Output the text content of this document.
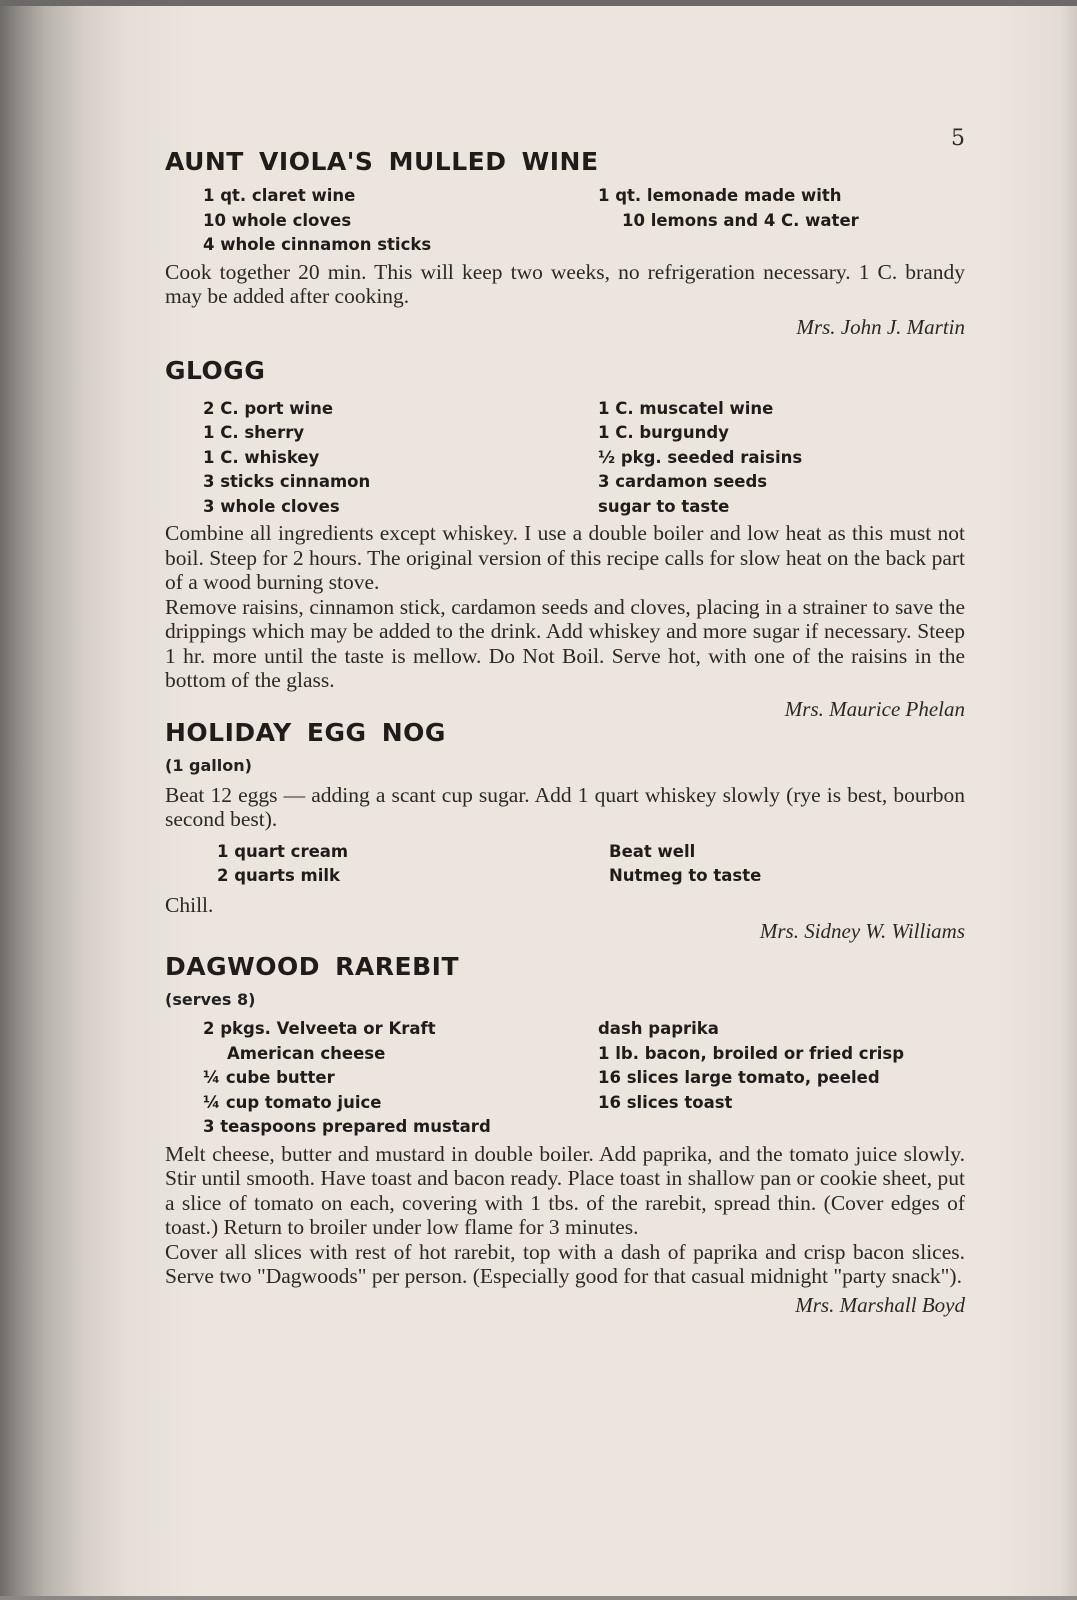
5
AUNT VIOLA'S MULLED WINE
1 qt. claret wine	1 qt. lemonade made with
10 whole cloves	10 lemons and 4 C. water
4 whole cinnamon sticks

Cook together 20 min. This will keep two weeks, no refrigeration necessary. 1 C. brandy may be added after cooking.

Mrs. John J. Martin

GLOGG
2 C. port wine	1 C. muscatel wine
1 C. sherry	1 C. burgundy
1 C. whiskey	½ pkg. seeded raisins
3 sticks cinnamon	3 cardamon seeds
3 whole cloves	sugar to taste

Combine all ingredients except whiskey. I use a double boiler and low heat as this must not boil. Steep for 2 hours. The original version of this recipe calls for slow heat on the back part of a wood burning stove.

Remove raisins, cinnamon stick, cardamon seeds and cloves, placing in a strainer to save the drippings which may be added to the drink. Add whiskey and more sugar if necessary. Steep 1 hr. more until the taste is mellow. Do Not Boil. Serve hot, with one of the raisins in the bottom of the glass.

Mrs. Maurice Phelan

HOLIDAY EGG NOG
(1 gallon)

Beat 12 eggs — adding a scant cup sugar. Add 1 quart whiskey slowly (rye is best, bourbon second best).

1 quart cream	Beat well
2 quarts milk	Nutmeg to taste

Chill.

Mrs. Sidney W. Williams

DAGWOOD RAREBIT
(serves 8)
2 pkgs. Velveeta or Kraft	dash paprika
American cheese	1 lb. bacon, broiled or fried crisp
¼ cube butter	16 slices large tomato, peeled
¼ cup tomato juice	16 slices toast
3 teaspoons prepared mustard

Melt cheese, butter and mustard in double boiler. Add paprika, and the tomato juice slowly. Stir until smooth. Have toast and bacon ready. Place toast in shallow pan or cookie sheet, put a slice of tomato on each, covering with 1 tbs. of the rarebit, spread thin. (Cover edges of toast.) Return to broiler under low flame for 3 minutes.

Cover all slices with rest of hot rarebit, top with a dash of paprika and crisp bacon slices. Serve two "Dagwoods" per person. (Especially good for that casual midnight "party snack").

Mrs. Marshall Boyd
